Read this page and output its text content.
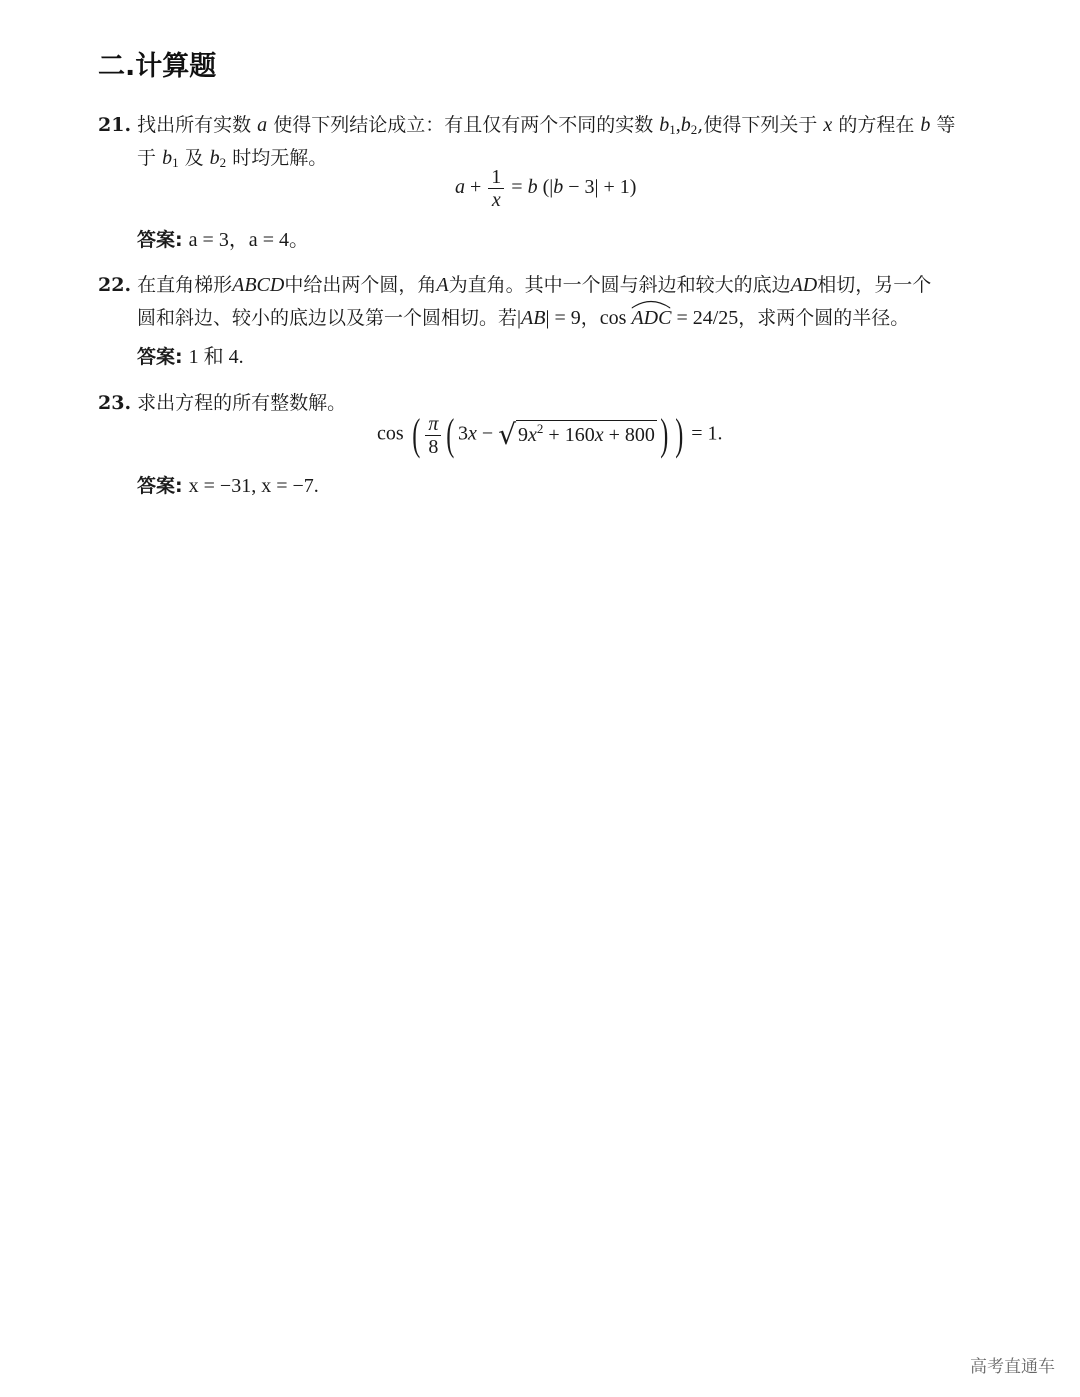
二.计算题
21. 找出所有实数 a 使得下列结论成立：有且仅有两个不同的实数 $b_1,b_2$,使得下列关于 x 的方程在 b 等
于 $b_1$ 及 $b_2$ 时均无解。
$a + \frac{1}{x} = b$ (|b − 3| + 1)
答案: a = 3，a = 4。
22. 在直角梯形ABCD中给出两个圆，角A为直角。其中一个圆与斜边和较大的底边AD相切，另一个
圆和斜边、较小的底边以及第一个圆相切。若|AB| = 9，cos
ADC = 24/25，求两个圆的半径。
答案: 1 和 4.
23. 求出方程的所有整数解。
cos ( $\frac{\pi}{8}$ ( 3x − √ $9x^2 + 160x + 800$ ) ) = 1.
答案: x = −31, x = −7.
高考直通车
